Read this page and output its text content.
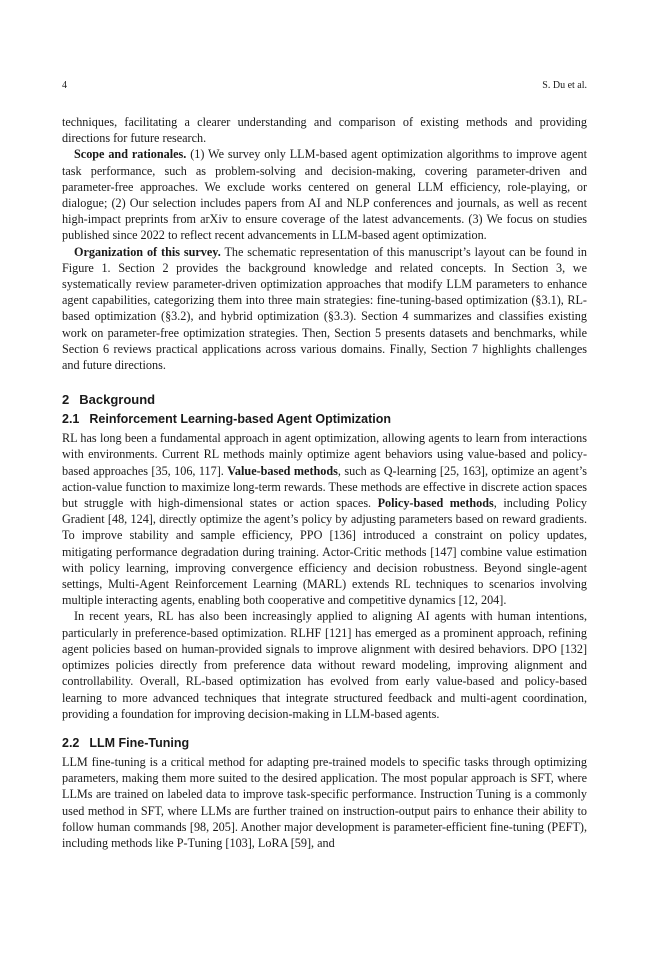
4	S. Du et al.

techniques, facilitating a clearer understanding and comparison of existing methods and providing directions for future research.

Scope and rationales. (1) We survey only LLM-based agent optimization algorithms to improve agent task performance, such as problem-solving and decision-making, covering parameter-driven and parameter-free approaches. We exclude works centered on general LLM efficiency, role-playing, or dialogue; (2) Our selection includes papers from AI and NLP conferences and journals, as well as recent high-impact preprints from arXiv to ensure coverage of the latest advancements. (3) We focus on studies published since 2022 to reflect recent advancements in LLM-based agent optimization.

Organization of this survey. The schematic representation of this manuscript’s layout can be found in Figure 1. Section 2 provides the background knowledge and related concepts. In Section 3, we systematically review parameter-driven optimization approaches that modify LLM parameters to enhance agent capabilities, categorizing them into three main strategies: fine-tuning-based optimization (§3.1), RL-based optimization (§3.2), and hybrid optimization (§3.3). Section 4 summarizes and classifies existing work on parameter-free optimization strategies. Then, Section 5 presents datasets and benchmarks, while Section 6 reviews practical applications across various domains. Finally, Section 7 highlights challenges and future directions.

2 Background
2.1 Reinforcement Learning-based Agent Optimization

RL has long been a fundamental approach in agent optimization, allowing agents to learn from interactions with environments. Current RL methods mainly optimize agent behaviors using value-based and policy-based approaches [35, 106, 117]. Value-based methods, such as Q-learning [25, 163], optimize an agent’s action-value function to maximize long-term rewards. These methods are effective in discrete action spaces but struggle with high-dimensional states or action spaces. Policy-based methods, including Policy Gradient [48, 124], directly optimize the agent’s policy by adjusting parameters based on reward gradients. To improve stability and sample efficiency, PPO [136] introduced a constraint on policy updates, mitigating performance degradation during training. Actor-Critic methods [147] combine value estimation with policy learning, improving convergence efficiency and decision robustness. Beyond single-agent settings, Multi-Agent Reinforcement Learning (MARL) extends RL techniques to scenarios involving multiple interacting agents, enabling both cooperative and competitive dynamics [12, 204].

In recent years, RL has also been increasingly applied to aligning AI agents with human intentions, particularly in preference-based optimization. RLHF [121] has emerged as a prominent approach, refining agent policies based on human-provided signals to improve alignment with desired behaviors. DPO [132] optimizes policies directly from preference data without reward modeling, improving alignment and controllability. Overall, RL-based optimization has evolved from early value-based and policy-based learning to more advanced techniques that integrate structured feedback and multi-agent coordination, providing a foundation for improving decision-making in LLM-based agents.

2.2 LLM Fine-Tuning

LLM fine-tuning is a critical method for adapting pre-trained models to specific tasks through optimizing parameters, making them more suited to the desired application. The most popular approach is SFT, where LLMs are trained on labeled data to improve task-specific performance. Instruction Tuning is a commonly used method in SFT, where LLMs are further trained on instruction-output pairs to enhance their ability to follow human commands [98, 205]. Another major development is parameter-efficient fine-tuning (PEFT), including methods like P-Tuning [103], LoRA [59], and
